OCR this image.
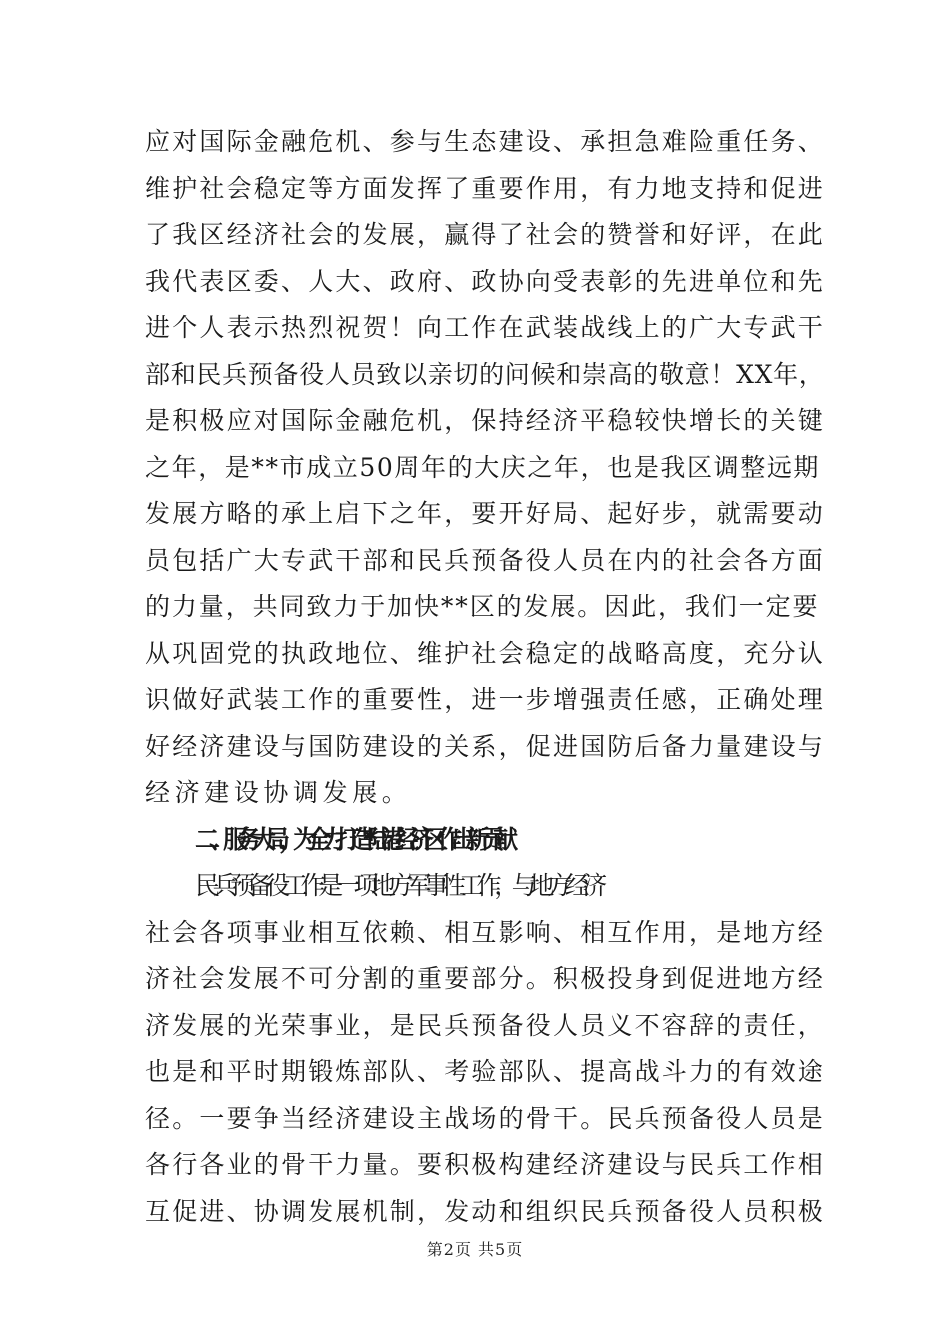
应对国际金融危机、参与生态建设、承担急难险重任务、
维护社会稳定等方面发挥了重要作用，有力地支持和促进
了我区经济社会的发展，赢得了社会的赞誉和好评，在此
我代表区委、人大、政府、政协向受表彰的先进单位和先
进个人表示热烈祝贺！向工作在武装战线上的广大专武干
部和民兵预备役人员致以亲切的问候和崇高的敬意！XX年，
是积极应对国际金融危机，保持经济平稳较快增长的关键
之年，是**市成立50周年的大庆之年，也是我区调整远期
发展方略的承上启下之年，要开好局、起好步，就需要动
员包括广大专武干部和民兵预备役人员在内的社会各方面
的力量，共同致力于加快**区的发展。因此，我们一定要
从巩固党的执政地位、维护社会稳定的战略高度，充分认
识做好武装工作的重要性，进一步增强责任感，正确处理
好经济建设与国防建设的关系，促进国防后备力量建设与
经济建设协调发展。
二、服务大局，为全力打造**陆港经济区作出新贡献
民兵预备役工作是一项地方军事性工作，与地方经济
社会各项事业相互依赖、相互影响、相互作用，是地方经
济社会发展不可分割的重要部分。积极投身到促进地方经
济发展的光荣事业，是民兵预备役人员义不容辞的责任，
也是和平时期锻炼部队、考验部队、提高战斗力的有效途
径。一要争当经济建设主战场的骨干。民兵预备役人员是
各行各业的骨干力量。要积极构建经济建设与民兵工作相
互促进、协调发展机制，发动和组织民兵预备役人员积极
第2页 共5页
